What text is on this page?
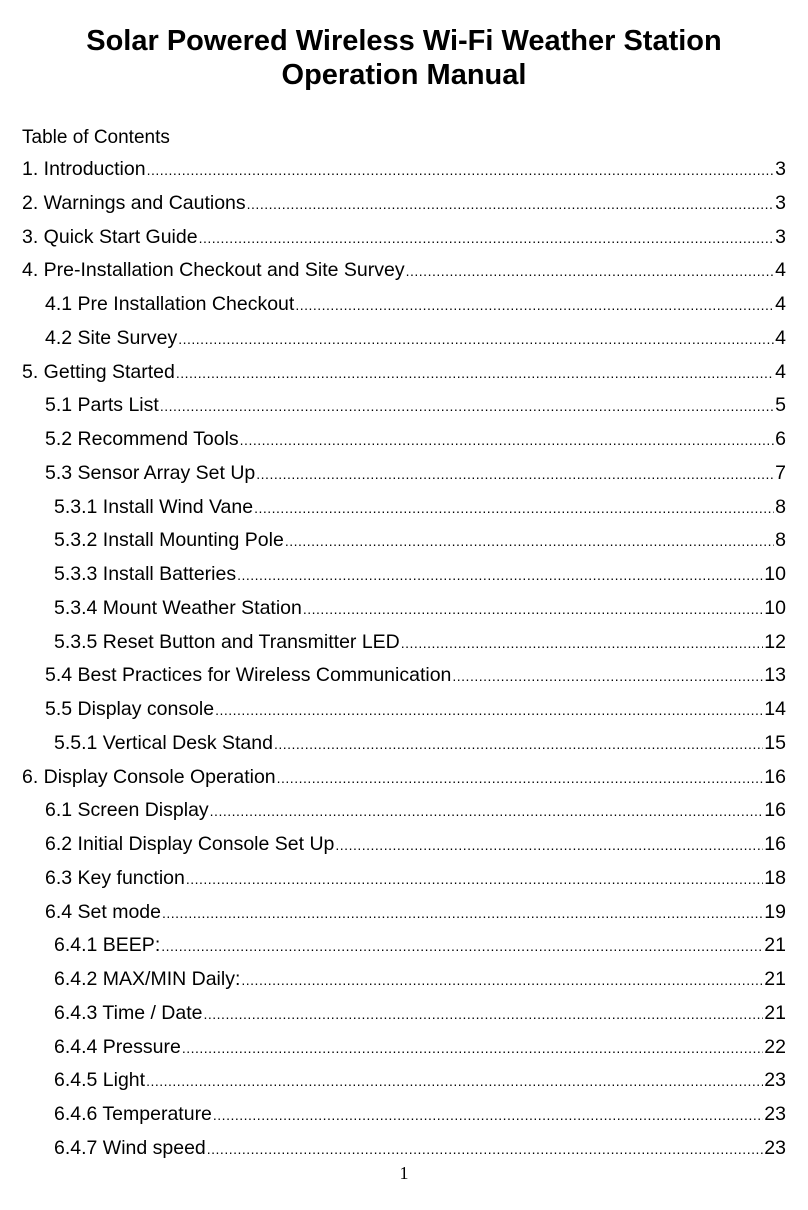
Solar Powered Wireless Wi-Fi Weather Station
Operation Manual
Table of Contents
1. Introduction .....	3
2. Warnings and Cautions .....	3
3. Quick Start Guide .....	3
4. Pre-Installation Checkout and Site Survey .....	4
4.1 Pre Installation Checkout .....	4
4.2 Site Survey .....	4
5. Getting Started .....	4
5.1 Parts List .....	5
5.2 Recommend Tools .....	6
5.3 Sensor Array Set Up .....	7
5.3.1 Install Wind Vane .....	8
5.3.2 Install Mounting Pole .....	8
5.3.3 Install Batteries .....	10
5.3.4 Mount Weather Station .....	10
5.3.5 Reset Button and Transmitter LED .....	12
5.4 Best Practices for Wireless Communication .....	13
5.5 Display console .....	14
5.5.1 Vertical Desk Stand .....	15
6. Display Console Operation .....	16
6.1 Screen Display .....	16
6.2 Initial Display Console Set Up .....	16
6.3 Key function .....	18
6.4 Set mode .....	19
6.4.1 BEEP: .....	21
6.4.2 MAX/MIN Daily: .....	21
6.4.3 Time / Date .....	21
6.4.4 Pressure .....	22
6.4.5 Light .....	23
6.4.6 Temperature .....	23
6.4.7 Wind speed .....	23
1
